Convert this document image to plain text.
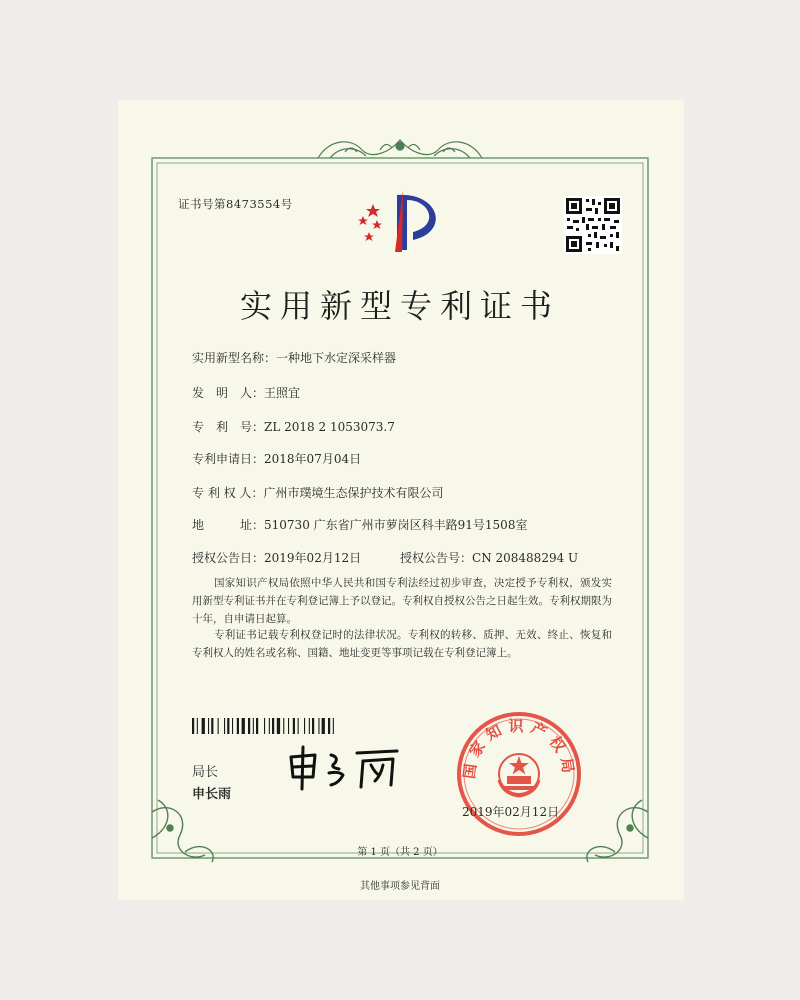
证书号第8473554号
实用新型专利证书
实用新型名称：一种地下水定深采样器
发　明　人：王照宜
专　利　号：ZL 2018 2 1053073.7
专利申请日：2018年07月04日
专 利 权 人：广州市璞境生态保护技术有限公司
地　　　址：510730 广东省广州市萝岗区科丰路91号1508室
授权公告日：2019年02月12日	授权公告号：CN 208488294 U

国家知识产权局依照中华人民共和国专利法经过初步审查，决定授予专利权，颁发实用新型专利证书并在专利登记簿上予以登记。专利权自授权公告之日起生效。专利权期限为十年，自申请日起算。

专利证书记载专利权登记时的法律状况。专利权的转移、质押、无效、终止、恢复和专利权人的姓名或名称、国籍、地址变更等事项记载在专利登记簿上。

局长
申长雨
国家知识产权局
2019年02月12日
第 1 页（共 2 页）
其他事项参见背面
